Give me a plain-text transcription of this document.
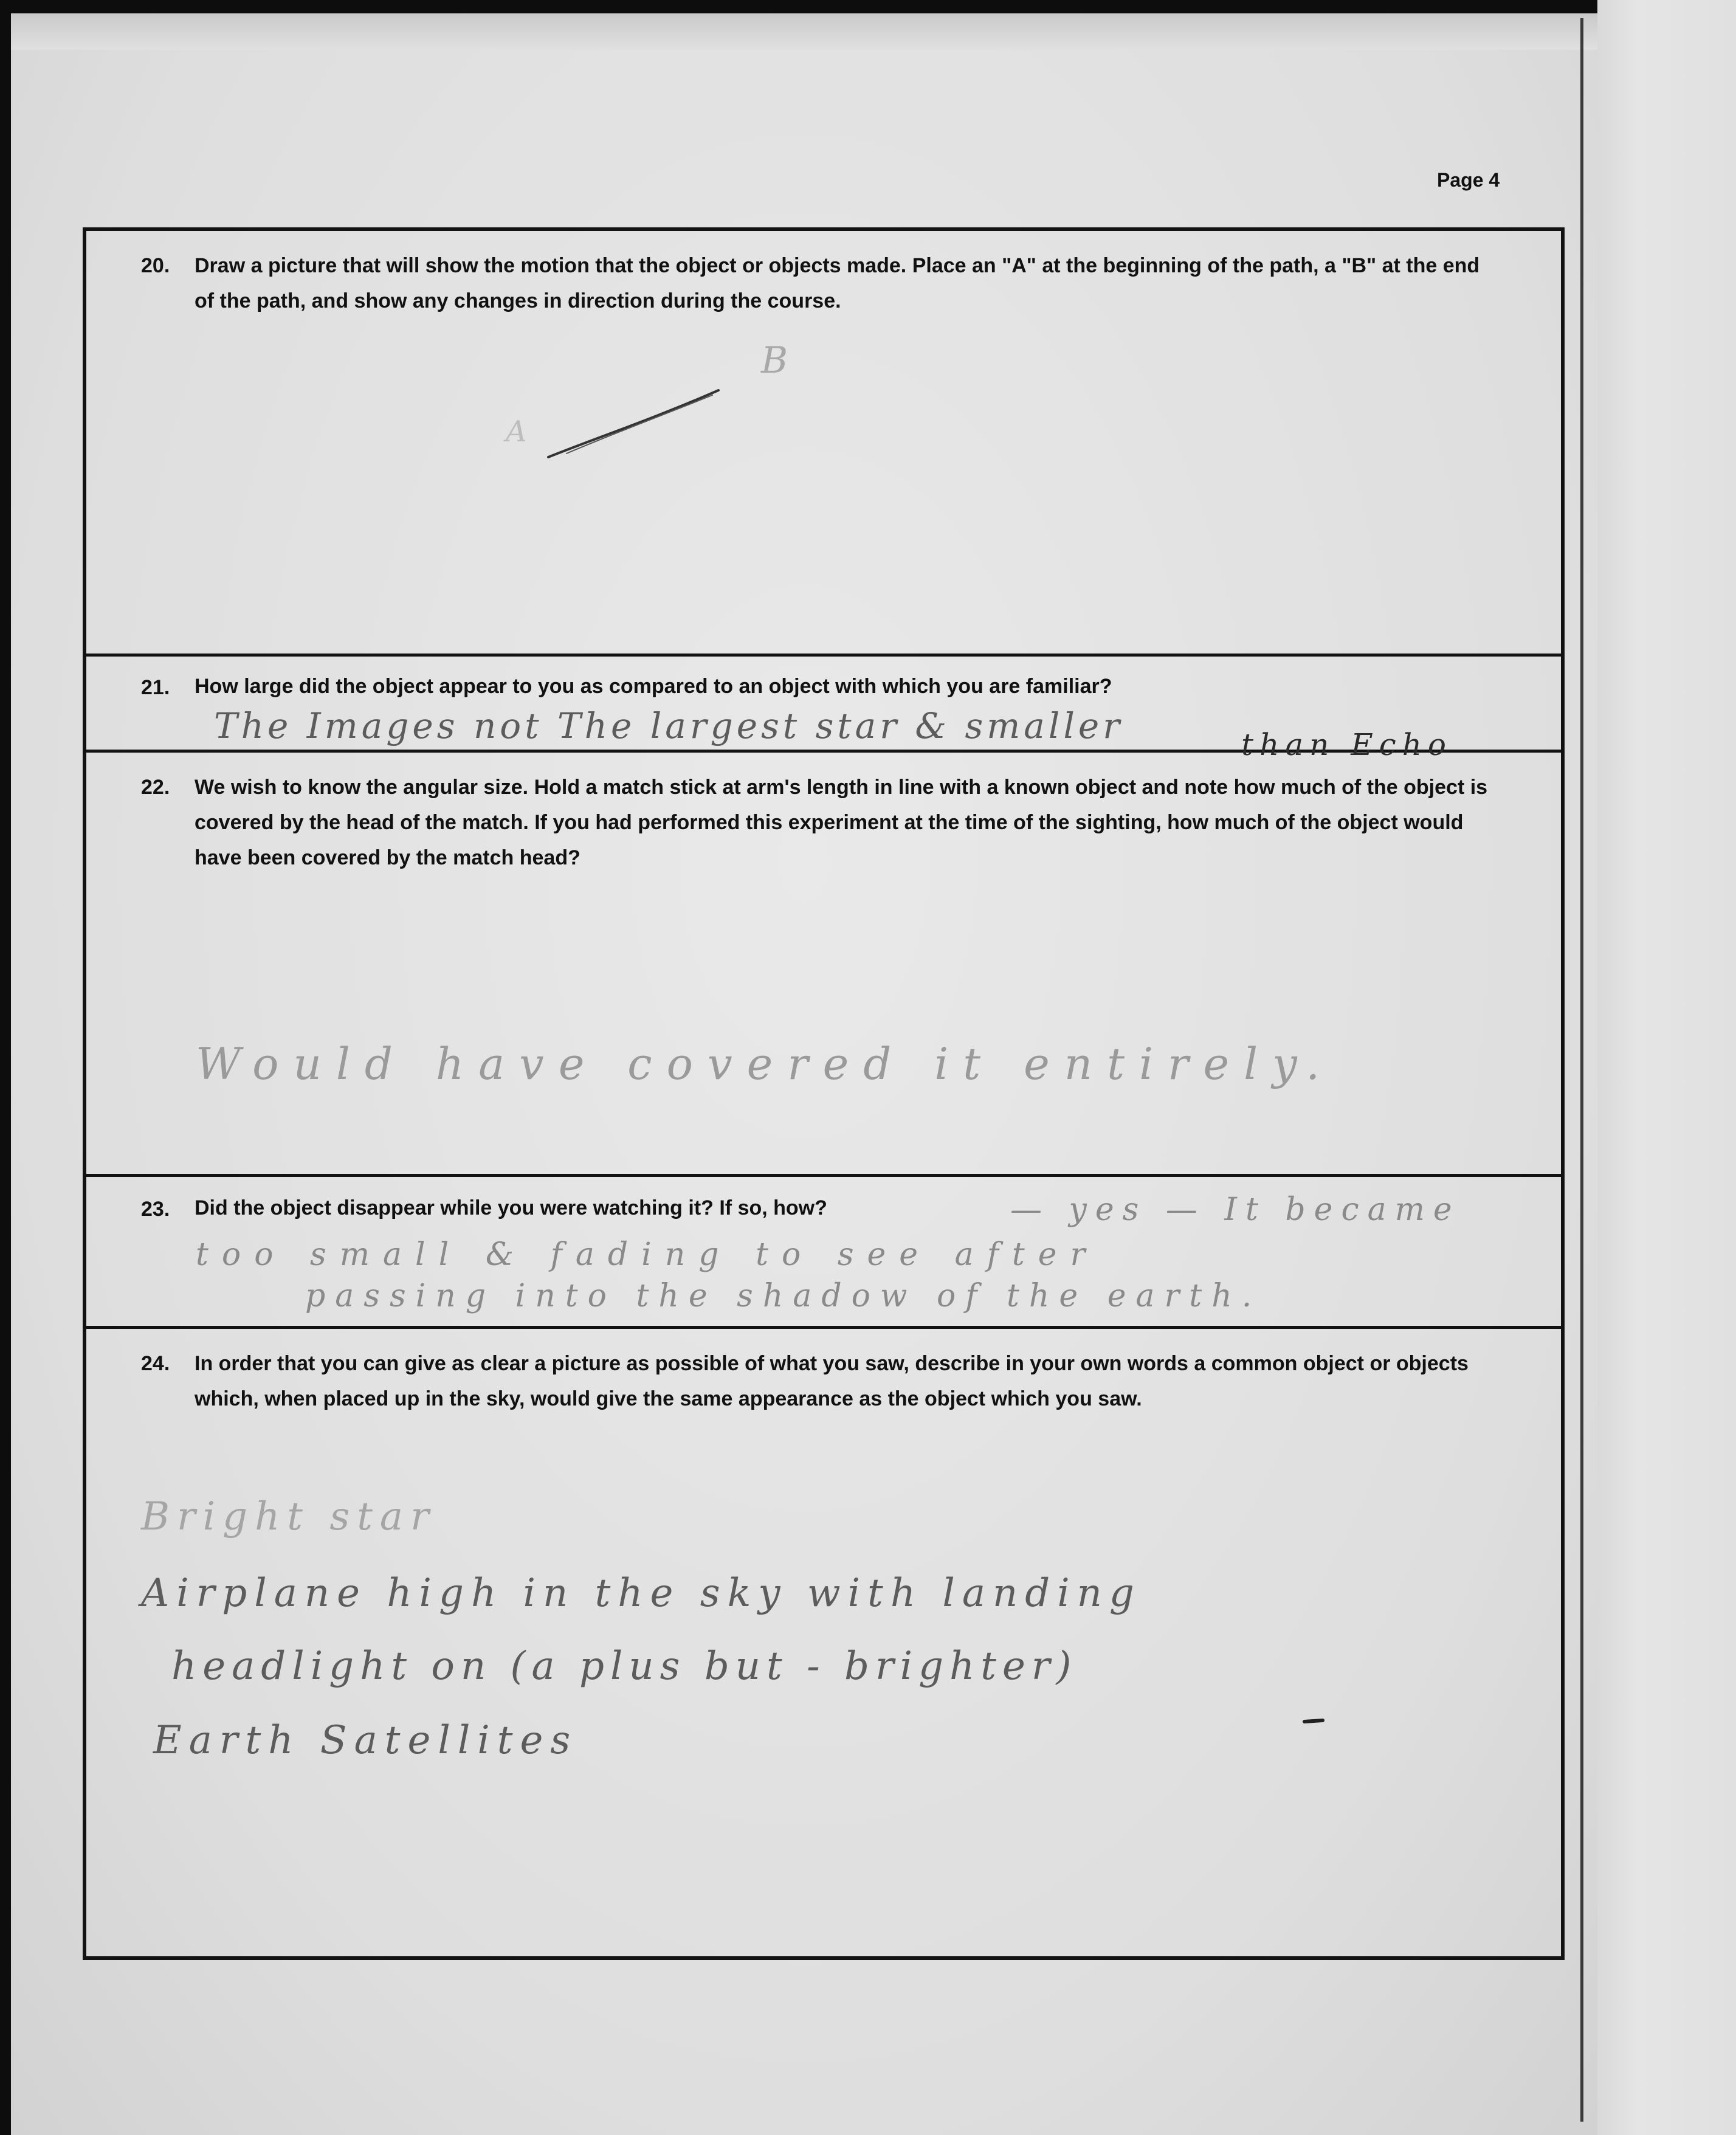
Page 4
20. Draw a picture that will show the motion that the object or objects made. Place an "A" at the beginning of the path, a "B" at the end of the path, and show any changes in direction during the course.
A
B
21. How large did the object appear to you as compared to an object with which you are familiar?
The Images not The largest star & smaller	than Echo
22. We wish to know the angular size. Hold a match stick at arm's length in line with a known object and note how much of the object is covered by the head of the match. If you had performed this experiment at the time of the sighting, how much of the object would have been covered by the match head?
Would have covered it entirely.
23. Did the object disappear while you were watching it? If so, how?	— yes — It became
too small & fading to see after
passing into the shadow of the earth.
24. In order that you can give as clear a picture as possible of what you saw, describe in your own words a common object or objects which, when placed up in the sky, would give the same appearance as the object which you saw.
Bright star
Airplane high in the sky with landing
headlight on (a plus but - brighter)
Earth Satellites
